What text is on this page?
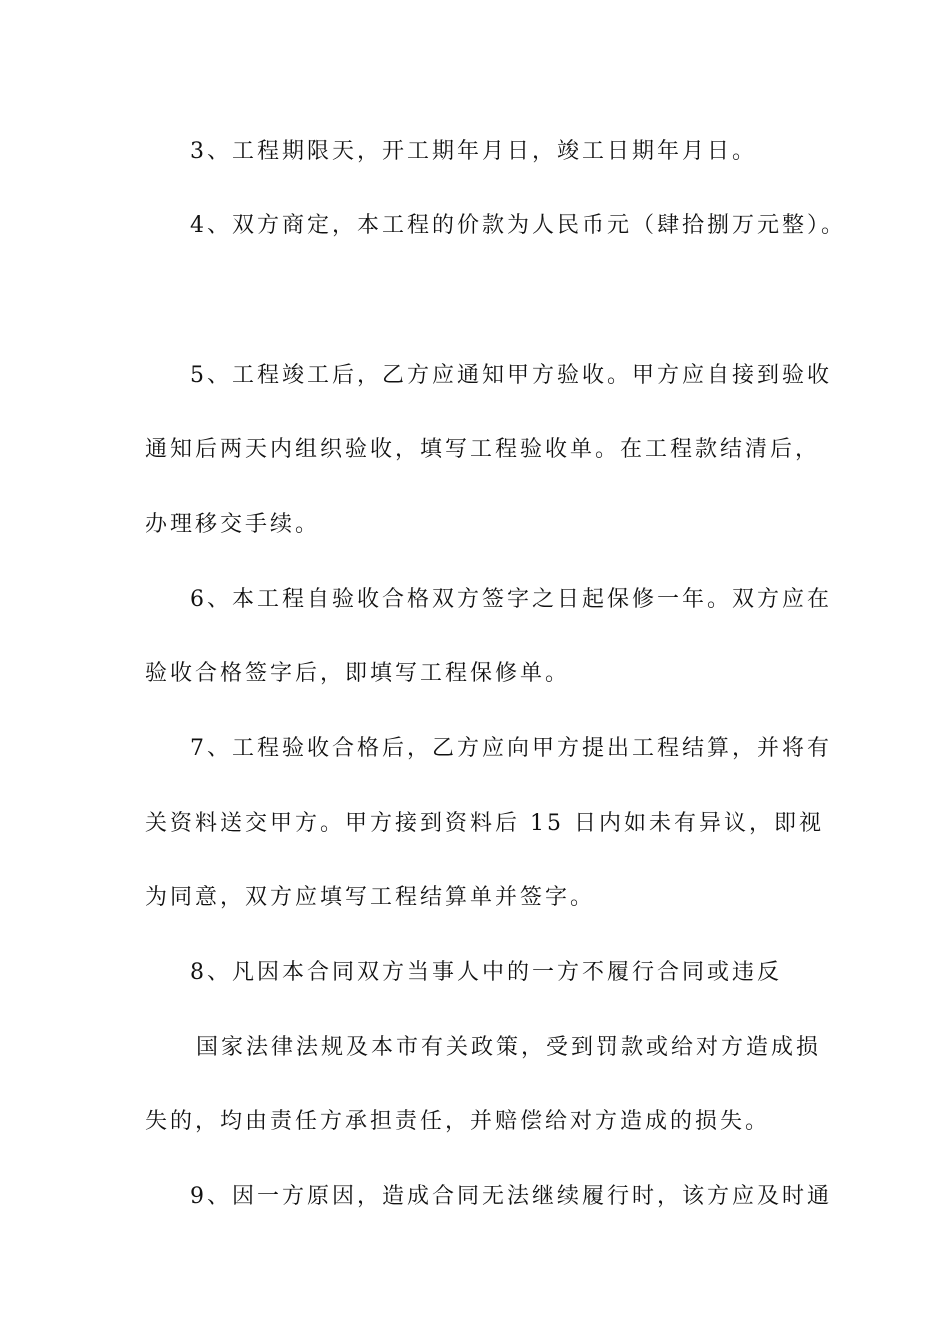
3、工程期限天，开工期年月日，竣工日期年月日。
4、双方商定，本工程的价款为人民币元（肆拾捌万元整）。
5、工程竣工后，乙方应通知甲方验收。甲方应自接到验收
通知后两天内组织验收，填写工程验收单。在工程款结清后，
办理移交手续。
6、本工程自验收合格双方签字之日起保修一年。双方应在
验收合格签字后，即填写工程保修单。
7、工程验收合格后，乙方应向甲方提出工程结算，并将有
关资料送交甲方。甲方接到资料后 15 日内如未有异议，即视
为同意，双方应填写工程结算单并签字。
8、凡因本合同双方当事人中的一方不履行合同或违反
国家法律法规及本市有关政策，受到罚款或给对方造成损
失的，均由责任方承担责任，并赔偿给对方造成的损失。
9、因一方原因，造成合同无法继续履行时，该方应及时通
